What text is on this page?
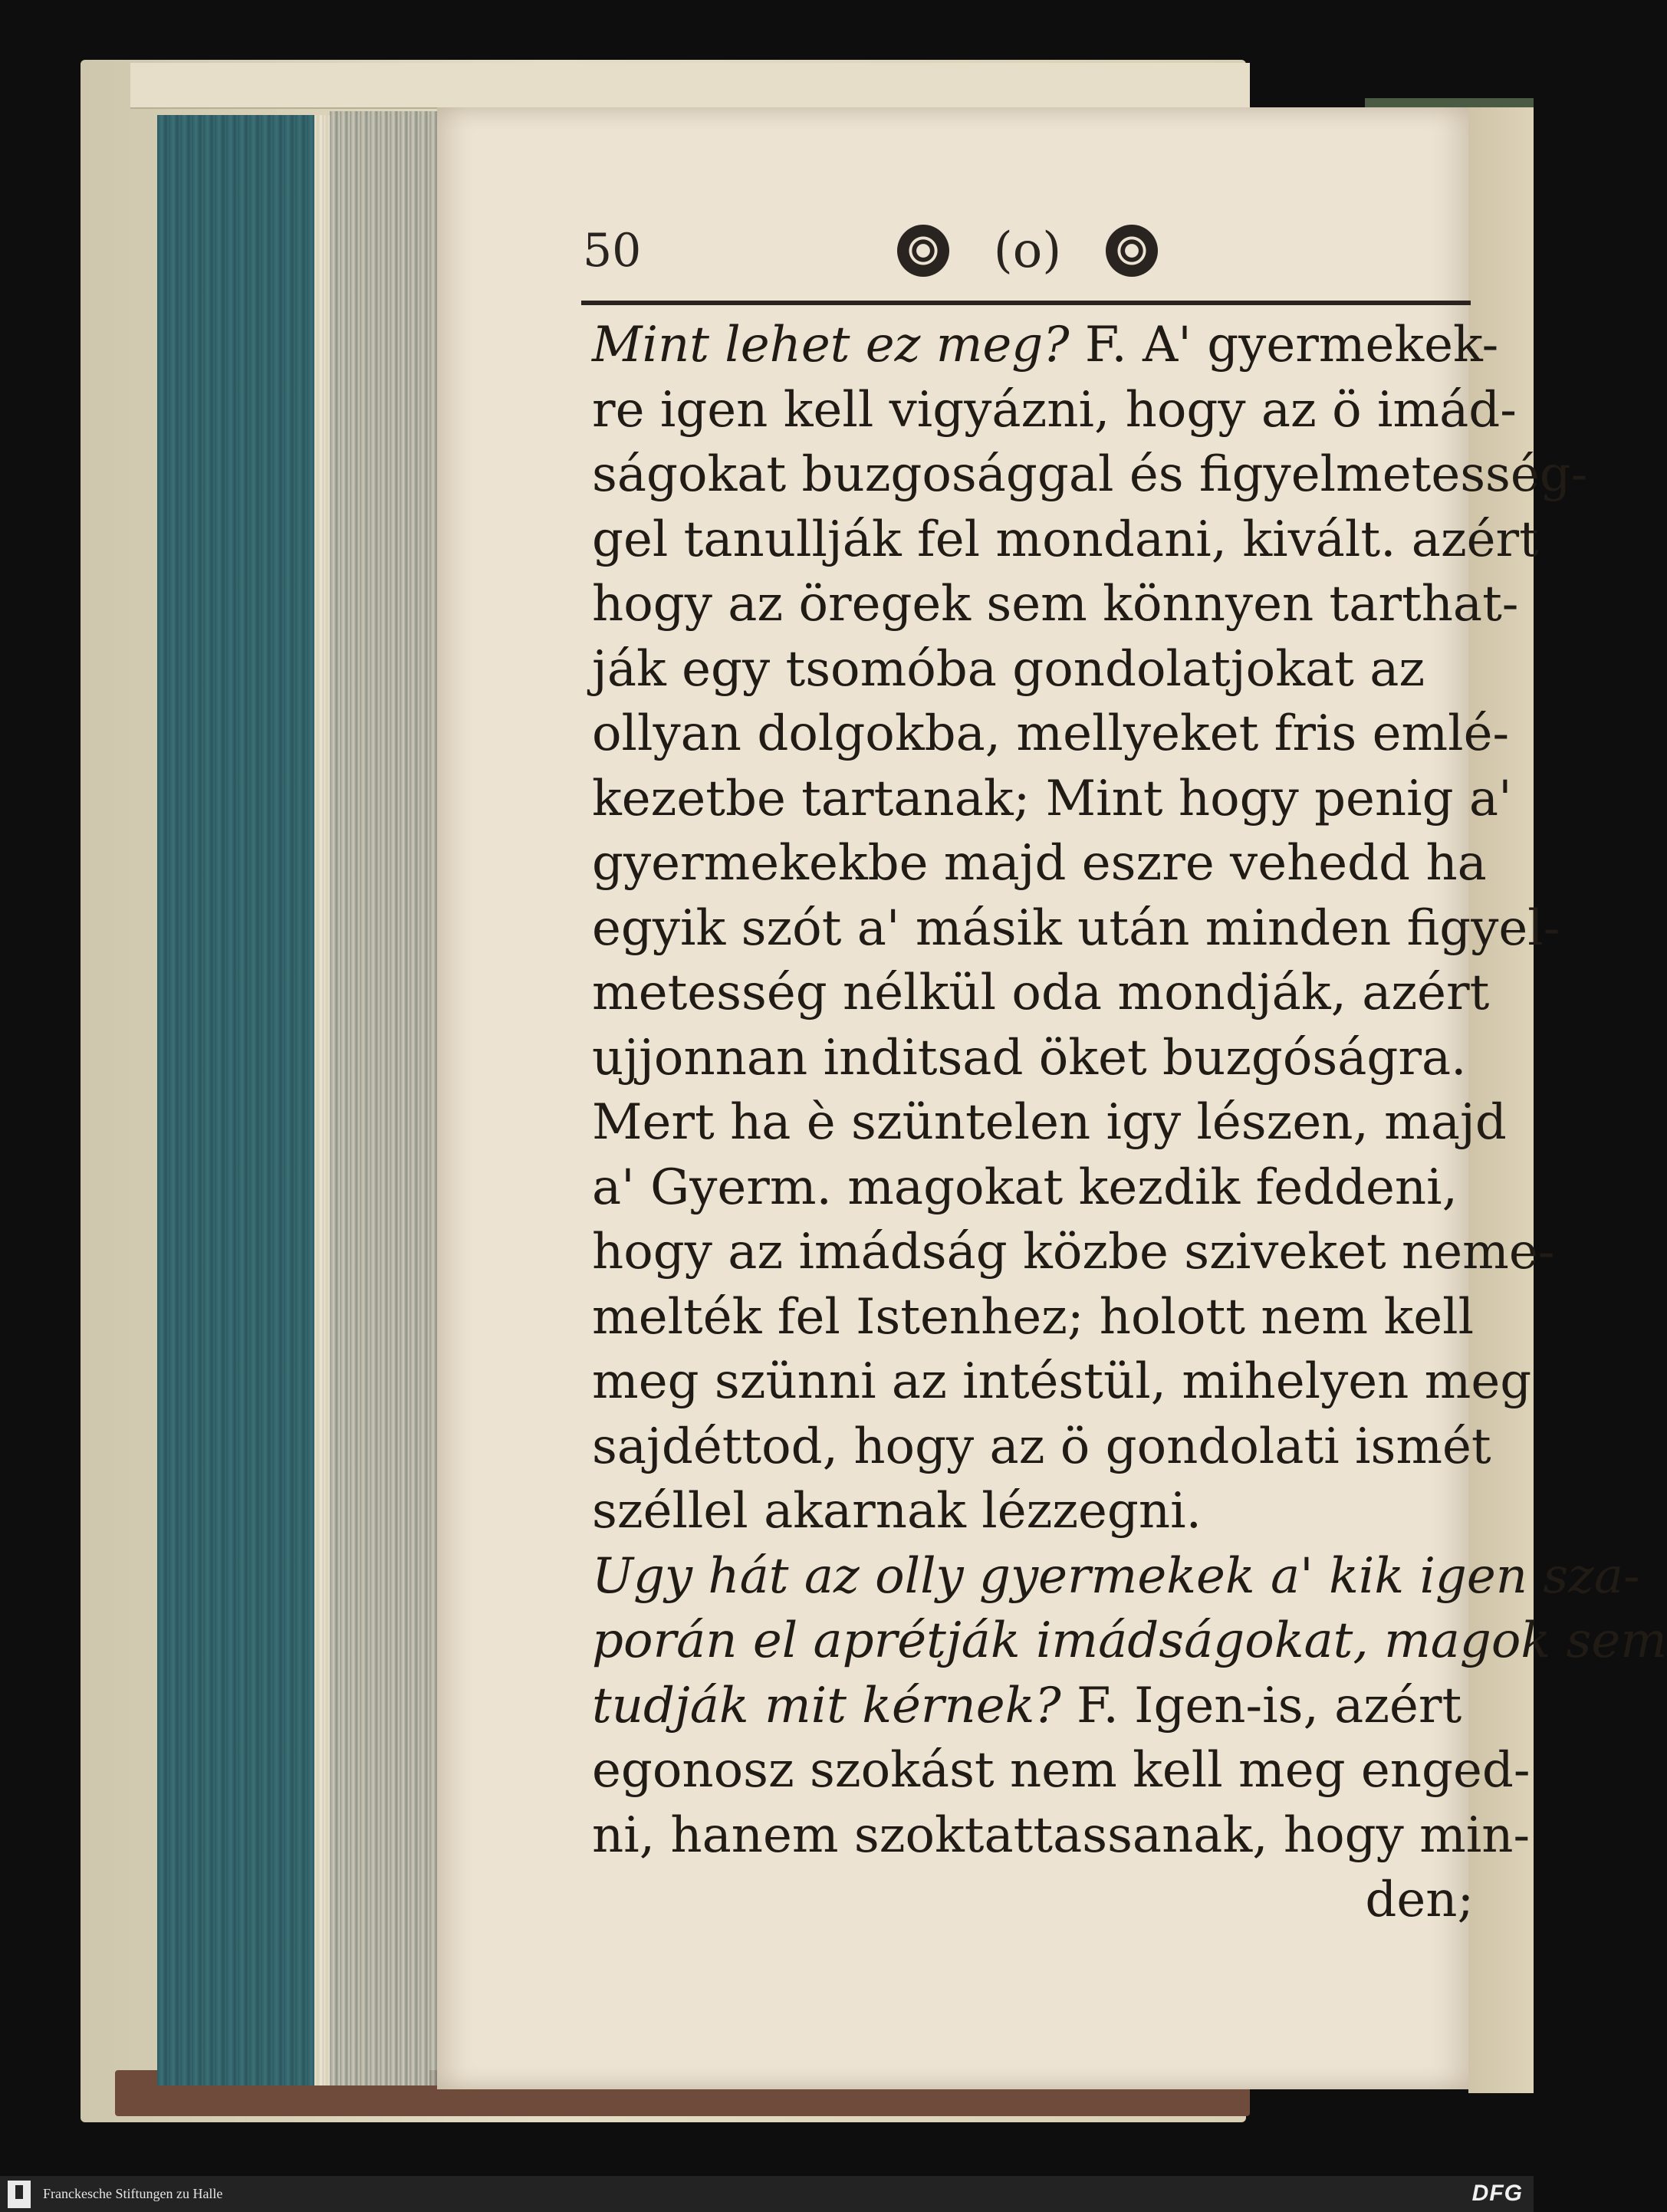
50	(o)
Mint lehet ez meg? F. A' gyermekek-
re igen kell vigyázni, hogy az ö imád-
ságokat buzgosággal és figyelmetesség-
gel tanullják fel mondani, kivált. azért
hogy az öregek sem könnyen tarthat-
ják egy tsomóba gondolatjokat az
ollyan dolgokba, mellyeket fris emlé-
kezetbe tartanak; Mint hogy penig a'
gyermekekbe majd eszre vehedd ha
egyik szót a' másik után minden figyel-
metesség nélkül oda mondják, azért
ujjonnan inditsad öket buzgóságra.
Mert ha è szüntelen igy lészen, majd
a' Gyerm. magokat kezdik feddeni,
hogy az imádság közbe sziveket neme-
melték fel Istenhez; holott nem kell
meg szünni az intéstül, mihelyen meg
sajdéttod, hogy az ö gondolati ismét
széllel akarnak lézzegni.
Ugy hát az olly gyermekek a' kik igen sza-
porán el aprétják imádságokat, magok sem
tudják mit kérnek? F. Igen-is, azért
egonosz szokást nem kell meg enged-
ni, hanem szoktattassanak, hogy min-
den;
Franckesche Stiftungen zu Halle	DFG
